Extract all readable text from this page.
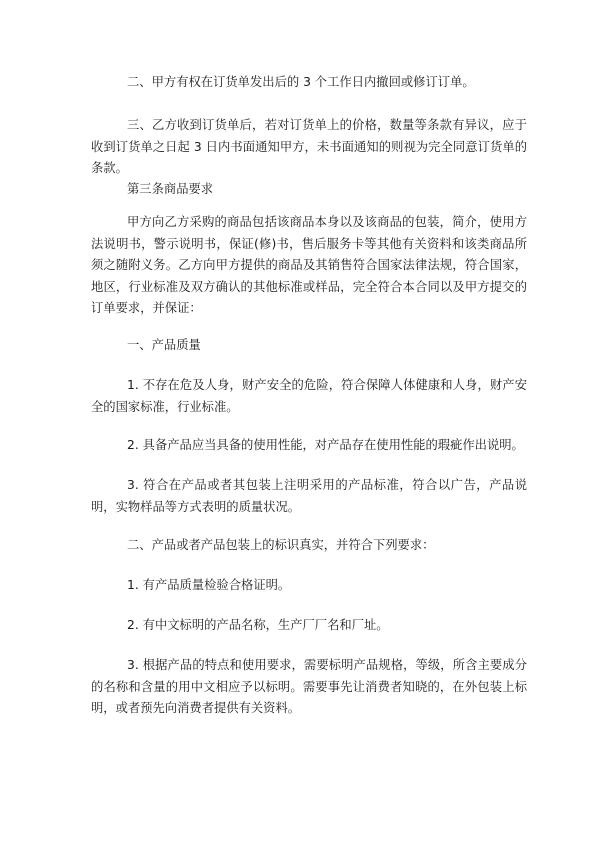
二、甲方有权在订货单发出后的 3 个工作日内撤回或修订订单。

三、乙方收到订货单后，若对订货单上的价格，数量等条款有异议，应于收到订货单之日起 3 日内书面通知甲方，未书面通知的则视为完全同意订货单的条款。

第三条商品要求

甲方向乙方采购的商品包括该商品本身以及该商品的包装，简介，使用方法说明书，警示说明书，保证(修)书，售后服务卡等其他有关资料和该类商品所须之随附义务。乙方向甲方提供的商品及其销售符合国家法律法规，符合国家，地区，行业标准及双方确认的其他标准或样品，完全符合本合同以及甲方提交的订单要求，并保证：

一、产品质量

1. 不存在危及人身，财产安全的危险，符合保障人体健康和人身，财产安全的国家标准，行业标准。

2. 具备产品应当具备的使用性能，对产品存在使用性能的瑕疵作出说明。

3. 符合在产品或者其包装上注明采用的产品标准，符合以广告，产品说明，实物样品等方式表明的质量状况。

二、产品或者产品包装上的标识真实，并符合下列要求：

1. 有产品质量检验合格证明。

2. 有中文标明的产品名称，生产厂厂名和厂址。

3. 根据产品的特点和使用要求，需要标明产品规格，等级，所含主要成分的名称和含量的用中文相应予以标明。需要事先让消费者知晓的，在外包装上标明，或者预先向消费者提供有关资料。
